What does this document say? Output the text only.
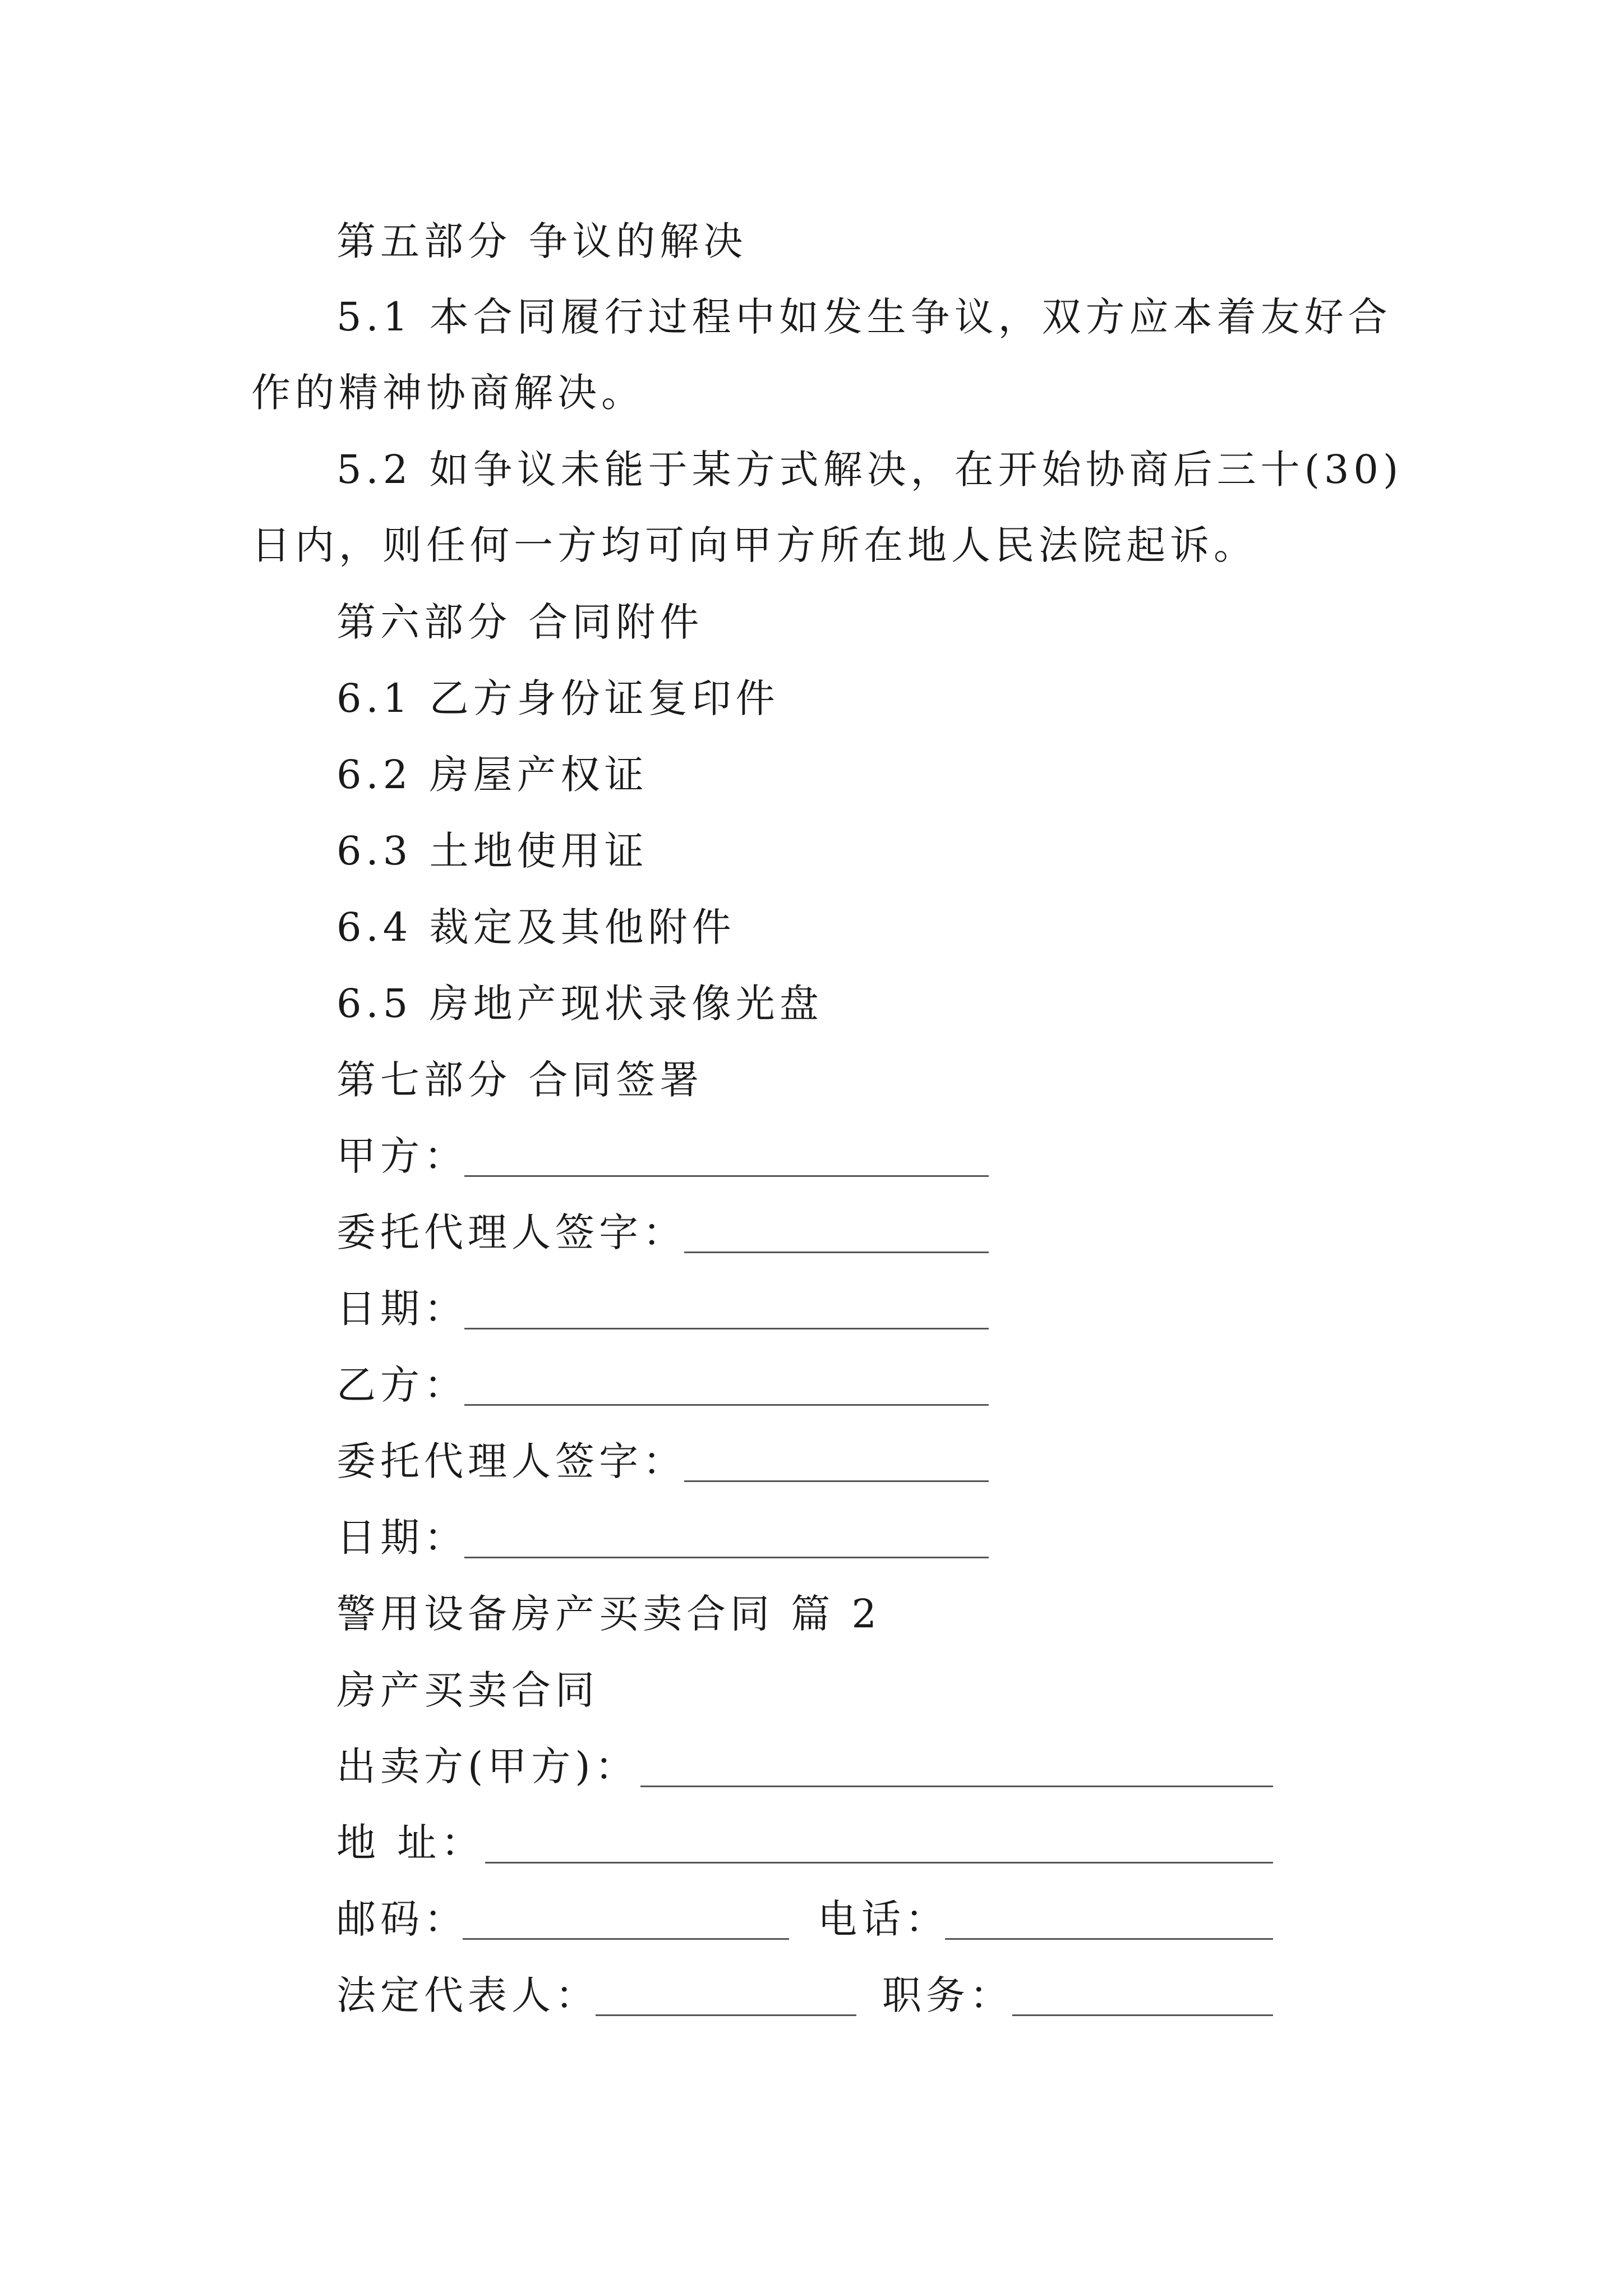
第五部分 争议的解决
5.1 本合同履行过程中如发生争议，双方应本着友好合
作的精神协商解决。
5.2 如争议未能于某方式解决，在开始协商后三十(30)
日内，则任何一方均可向甲方所在地人民法院起诉。
第六部分 合同附件
6.1 乙方身份证复印件
6.2 房屋产权证
6.3 土地使用证
6.4 裁定及其他附件
6.5 房地产现状录像光盘
第七部分 合同签署
甲方：
委托代理人签字：
日期：
乙方：
委托代理人签字：
日期：
警用设备房产买卖合同 篇 2
房产买卖合同
出卖方(甲方)：
地 址：
邮码：	电话：
法定代表人：	职务：
